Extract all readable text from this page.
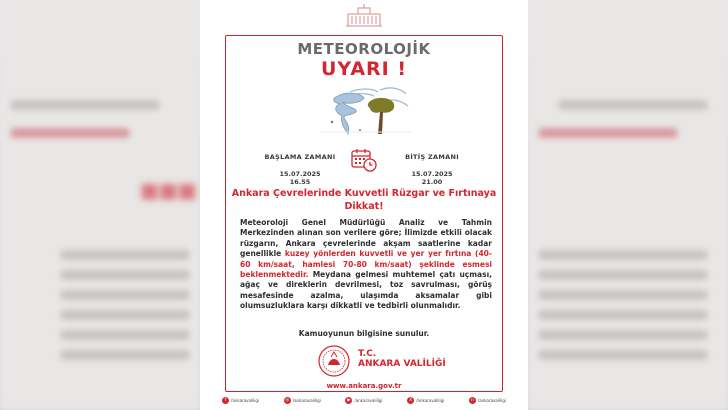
■■■
METEOROLOJİK
UYARI !
BAŞLAMA ZAMANI
15.07.2025
16.55
BİTİŞ ZAMANI
15.07.2025
21.00
Ankara Çevrelerinde Kuvvetli Rüzgar ve Fırtınaya Dikkat!
Meteoroloji Genel Müdürlüğü Analiz ve Tahmin Merkezinden alınan son verilere göre; İlimizde etkili olacak rüzgarın, Ankara çevrelerinde akşam saatlerine kadar genellikle kuzey yönlerden kuvvetli ve yer yer fırtına (40-60 km/saat, hamlesi 70-80 km/saat) şeklinde esmesi beklenmektedir. Meydana gelmesi muhtemel çatı uçması, ağaç ve direklerin devrilmesi, toz savrulması, görüş mesafesinde azalma, ulaşımda aksamalar gibi olumsuzluklara karşı dikkatli ve tedbirli olunmalıdır.
Kamuoyunun bilgisine sunulur.
T.C.
ANKARA VALİLİĞİ
www.ankara.gov.tr
f	/ankaravaliligi	◎ /ankaravaliligi	▶ /ankaravaliligi	X /ankaravaliligi	n	/ankaravaliligi
